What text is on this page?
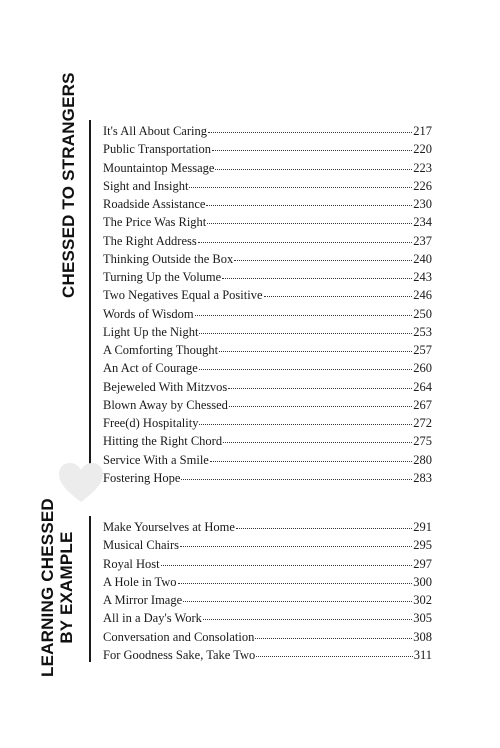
CHESSED TO STRANGERS It's All About Caring	217
Public Transportation	220
Mountaintop Message	223
Sight and Insight	226
Roadside Assistance	230
The Price Was Right	234
The Right Address	237
Thinking Outside the Box	240
Turning Up the Volume	243
Two Negatives Equal a Positive	246
Words of Wisdom	250
Light Up the Night	253
A Comforting Thought	257
An Act of Courage	260
Bejeweled With Mitzvos	264
Blown Away by Chessed	267
Free(d) Hospitality	272
Hitting the Right Chord	275
Service With a Smile	280
Fostering Hope	283
LEARNING CHESSED BY EXAMPLE
Make Yourselves at Home	291
Musical Chairs	295
Royal Host	297
A Hole in Two	300
A Mirror Image	302
All in a Day's Work	305
Conversation and Consolation	308
For Goodness Sake, Take Two	311
